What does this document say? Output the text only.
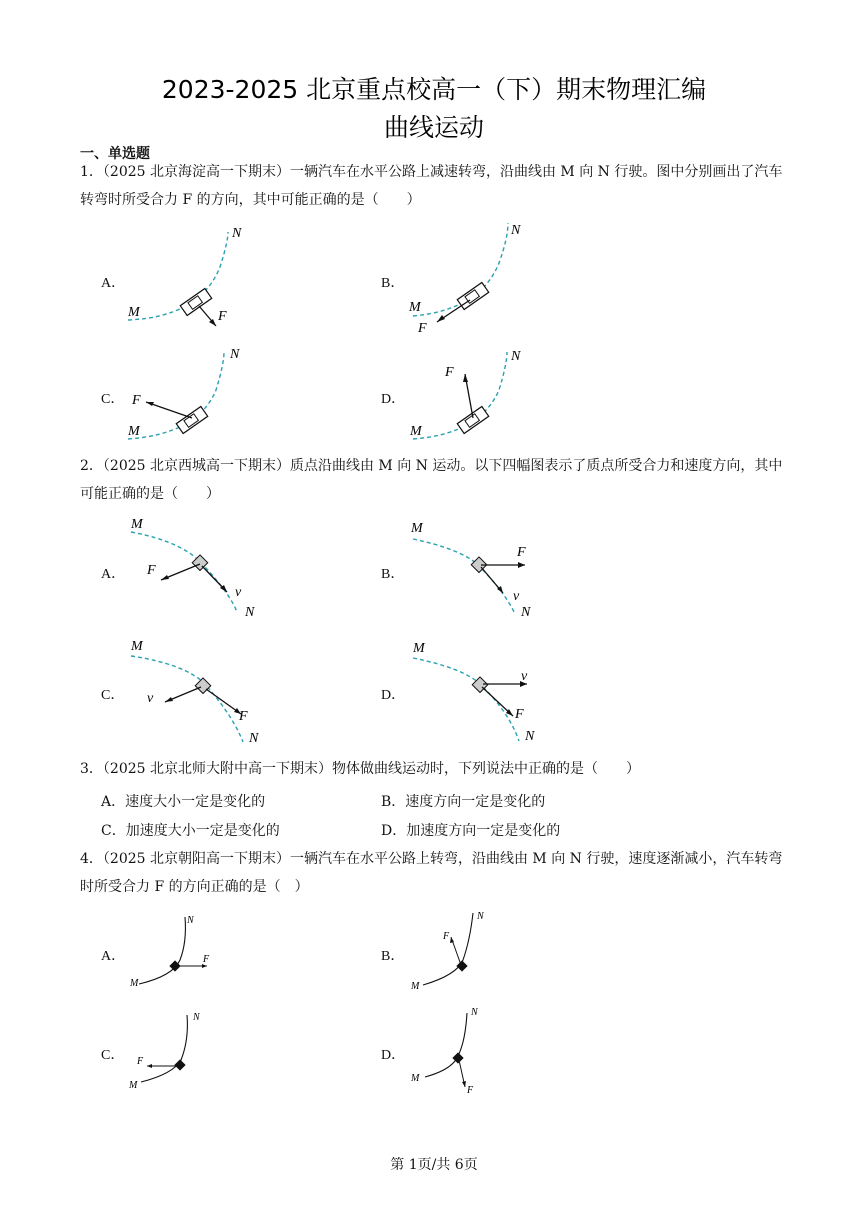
2023-2025 北京重点校高一（下）期末物理汇编
曲线运动
一、单选题
1．（2025 北京海淀高一下期末）一辆汽车在水平公路上减速转弯，沿曲线由 M 向 N 行驶。图中分别画出了汽车转弯时所受合力 F 的方向，其中可能正确的是（　　）
A．	B．
C．	D．
N
M	F
N
M
F
N
M
F
N
M
F
2．（2025 北京西城高一下期末）质点沿曲线由 M 向 N 运动。以下四幅图表示了质点所受合力和速度方向，其中可能正确的是（　　）
A．	B．
C．	D．
M
F
v
N
M
F
v
N
M
v
F
N
M
v
F
N
3．（2025 北京北师大附中高一下期末）物体做曲线运动时，下列说法中正确的是（　　）
A．速度大小一定是变化的	B．速度方向一定是变化的
C．加速度大小一定是变化的	D．加速度方向一定是变化的
4．（2025 北京朝阳高一下期末）一辆汽车在水平公路上转弯，沿曲线由 M 向 N 行驶，速度逐渐减小，汽车转弯时所受合力 F 的方向正确的是（　）
A．	B．
C．	D．
N
M
F
N
M
F
N
M
F
N
M
F
第 1页/共 6页
